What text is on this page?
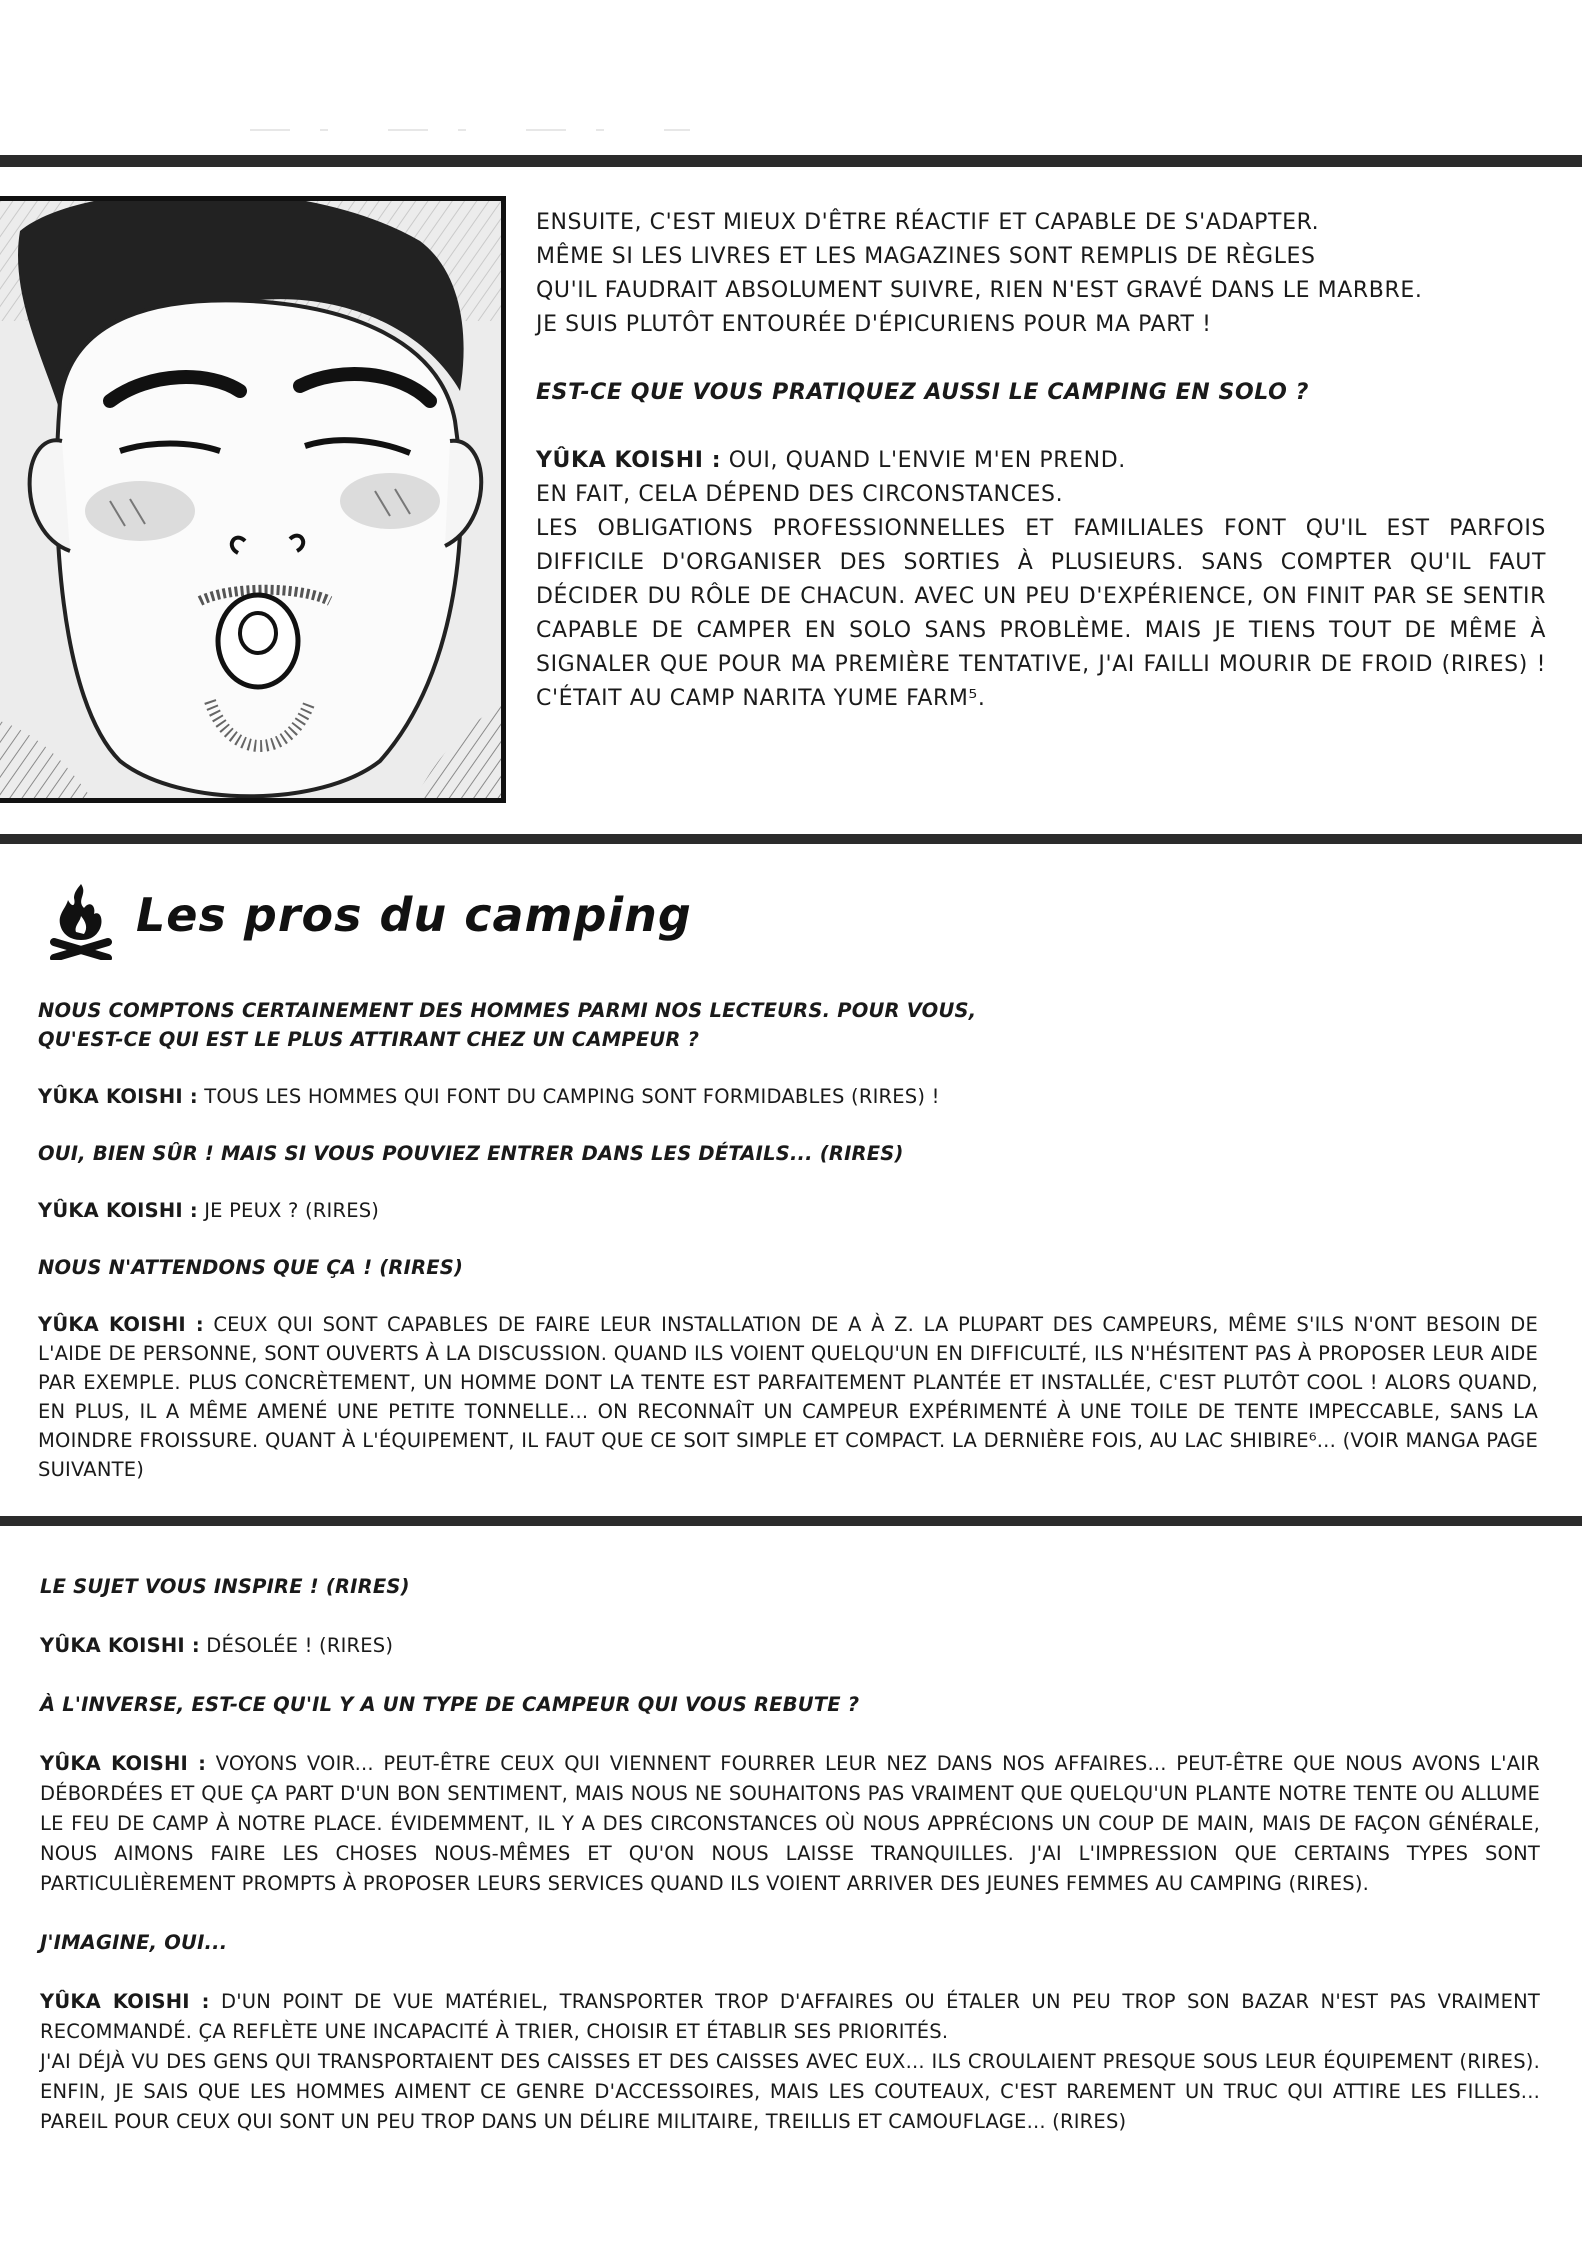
ENSUITE, C'EST MIEUX D'ÊTRE RÉACTIF ET CAPABLE DE S'ADAPTER.
MÊME SI LES LIVRES ET LES MAGAZINES SONT REMPLIS DE RÈGLES
QU'IL FAUDRAIT ABSOLUMENT SUIVRE, RIEN N'EST GRAVÉ DANS LE MARBRE.
JE SUIS PLUTÔT ENTOURÉE D'ÉPICURIENS POUR MA PART !

EST-CE QUE VOUS PRATIQUEZ AUSSI LE CAMPING EN SOLO ?

YÛKA KOISHI : OUI, QUAND L'ENVIE M'EN PREND.
EN FAIT, CELA DÉPEND DES CIRCONSTANCES.
LES OBLIGATIONS PROFESSIONNELLES ET FAMILIALES FONT QU'IL EST PARFOIS DIFFICILE D'ORGANISER DES SORTIES À PLUSIEURS. SANS COMPTER QU'IL FAUT DÉCIDER DU RÔLE DE CHACUN. AVEC UN PEU D'EXPÉRIENCE, ON FINIT PAR SE SENTIR CAPABLE DE CAMPER EN SOLO SANS PROBLÈME. MAIS JE TIENS TOUT DE MÊME À SIGNALER QUE POUR MA PREMIÈRE TENTATIVE, J'AI FAILLI MOURIR DE FROID (RIRES) ! C'ÉTAIT AU CAMP NARITA YUME FARM⁵.

Les pros du camping

NOUS COMPTONS CERTAINEMENT DES HOMMES PARMI NOS LECTEURS. POUR VOUS,
QU'EST-CE QUI EST LE PLUS ATTIRANT CHEZ UN CAMPEUR ?

YÛKA KOISHI : TOUS LES HOMMES QUI FONT DU CAMPING SONT FORMIDABLES (RIRES) !

OUI, BIEN SÛR ! MAIS SI VOUS POUVIEZ ENTRER DANS LES DÉTAILS... (RIRES)

YÛKA KOISHI : JE PEUX ? (RIRES)

NOUS N'ATTENDONS QUE ÇA ! (RIRES)

YÛKA KOISHI : CEUX QUI SONT CAPABLES DE FAIRE LEUR INSTALLATION DE A À Z. LA PLUPART DES CAMPEURS, MÊME S'ILS N'ONT BESOIN DE L'AIDE DE PERSONNE, SONT OUVERTS À LA DISCUSSION. QUAND ILS VOIENT QUELQU'UN EN DIFFICULTÉ, ILS N'HÉSITENT PAS À PROPOSER LEUR AIDE PAR EXEMPLE. PLUS CONCRÈTEMENT, UN HOMME DONT LA TENTE EST PARFAITEMENT PLANTÉE ET INSTALLÉE, C'EST PLUTÔT COOL ! ALORS QUAND, EN PLUS, IL A MÊME AMENÉ UNE PETITE TONNELLE... ON RECONNAÎT UN CAMPEUR EXPÉRIMENTÉ À UNE TOILE DE TENTE IMPECCABLE, SANS LA MOINDRE FROISSURE. QUANT À L'ÉQUIPEMENT, IL FAUT QUE CE SOIT SIMPLE ET COMPACT. LA DERNIÈRE FOIS, AU LAC SHIBIRE⁶... (VOIR MANGA PAGE SUIVANTE)

LE SUJET VOUS INSPIRE ! (RIRES)

YÛKA KOISHI : DÉSOLÉE ! (RIRES)

À L'INVERSE, EST-CE QU'IL Y A UN TYPE DE CAMPEUR QUI VOUS REBUTE ?

YÛKA KOISHI : VOYONS VOIR... PEUT-ÊTRE CEUX QUI VIENNENT FOURRER LEUR NEZ DANS NOS AFFAIRES... PEUT-ÊTRE QUE NOUS AVONS L'AIR DÉBORDÉES ET QUE ÇA PART D'UN BON SENTIMENT, MAIS NOUS NE SOUHAITONS PAS VRAIMENT QUE QUELQU'UN PLANTE NOTRE TENTE OU ALLUME LE FEU DE CAMP À NOTRE PLACE. ÉVIDEMMENT, IL Y A DES CIRCONSTANCES OÙ NOUS APPRÉCIONS UN COUP DE MAIN, MAIS DE FAÇON GÉNÉRALE, NOUS AIMONS FAIRE LES CHOSES NOUS-MÊMES ET QU'ON NOUS LAISSE TRANQUILLES. J'AI L'IMPRESSION QUE CERTAINS TYPES SONT PARTICULIÈREMENT PROMPTS À PROPOSER LEURS SERVICES QUAND ILS VOIENT ARRIVER DES JEUNES FEMMES AU CAMPING (RIRES).

J'IMAGINE, OUI...

YÛKA KOISHI : D'UN POINT DE VUE MATÉRIEL, TRANSPORTER TROP D'AFFAIRES OU ÉTALER UN PEU TROP SON BAZAR N'EST PAS VRAIMENT RECOMMANDÉ. ÇA REFLÈTE UNE INCAPACITÉ À TRIER, CHOISIR ET ÉTABLIR SES PRIORITÉS.
J'AI DÉJÀ VU DES GENS QUI TRANSPORTAIENT DES CAISSES ET DES CAISSES AVEC EUX... ILS CROULAIENT PRESQUE SOUS LEUR ÉQUIPEMENT (RIRES). ENFIN, JE SAIS QUE LES HOMMES AIMENT CE GENRE D'ACCESSOIRES, MAIS LES COUTEAUX, C'EST RAREMENT UN TRUC QUI ATTIRE LES FILLES... PAREIL POUR CEUX QUI SONT UN PEU TROP DANS UN DÉLIRE MILITAIRE, TREILLIS ET CAMOUFLAGE... (RIRES)
